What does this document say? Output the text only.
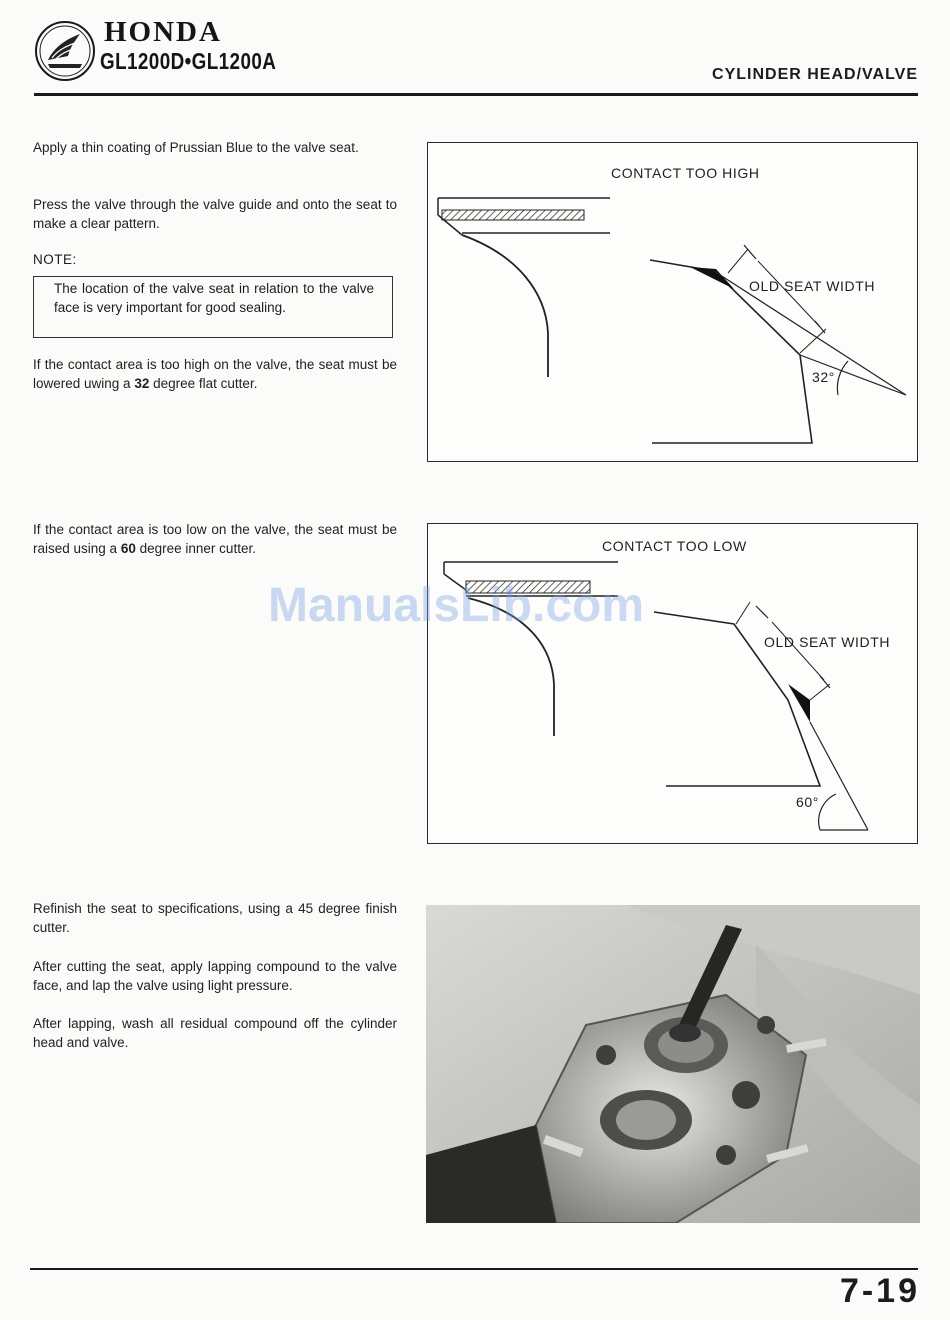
HONDA
GL1200D•GL1200A
CYLINDER HEAD/VALVE
Apply a thin coating of Prussian Blue to the valve seat.
Press the valve through the valve guide and onto the seat to make a clear pattern.
NOTE:
The location of the valve seat in relation to the valve face is very important for good sealing.
If the contact area is too high on the valve, the seat must be lowered uwing a 32 degree flat cutter.
If the contact area is too low on the valve, the seat must be raised using a 60 degree inner cutter.
Refinish the seat to specifications, using a 45 degree finish cutter.
After cutting the seat, apply lapping compound to the valve face, and lap the valve using light pressure.
After lapping, wash all residual compound off the cylinder head and valve.
CONTACT TOO HIGH
OLD SEAT WIDTH
32°
CONTACT TOO LOW
OLD SEAT WIDTH
60°
ManualsLib.com
7-19
